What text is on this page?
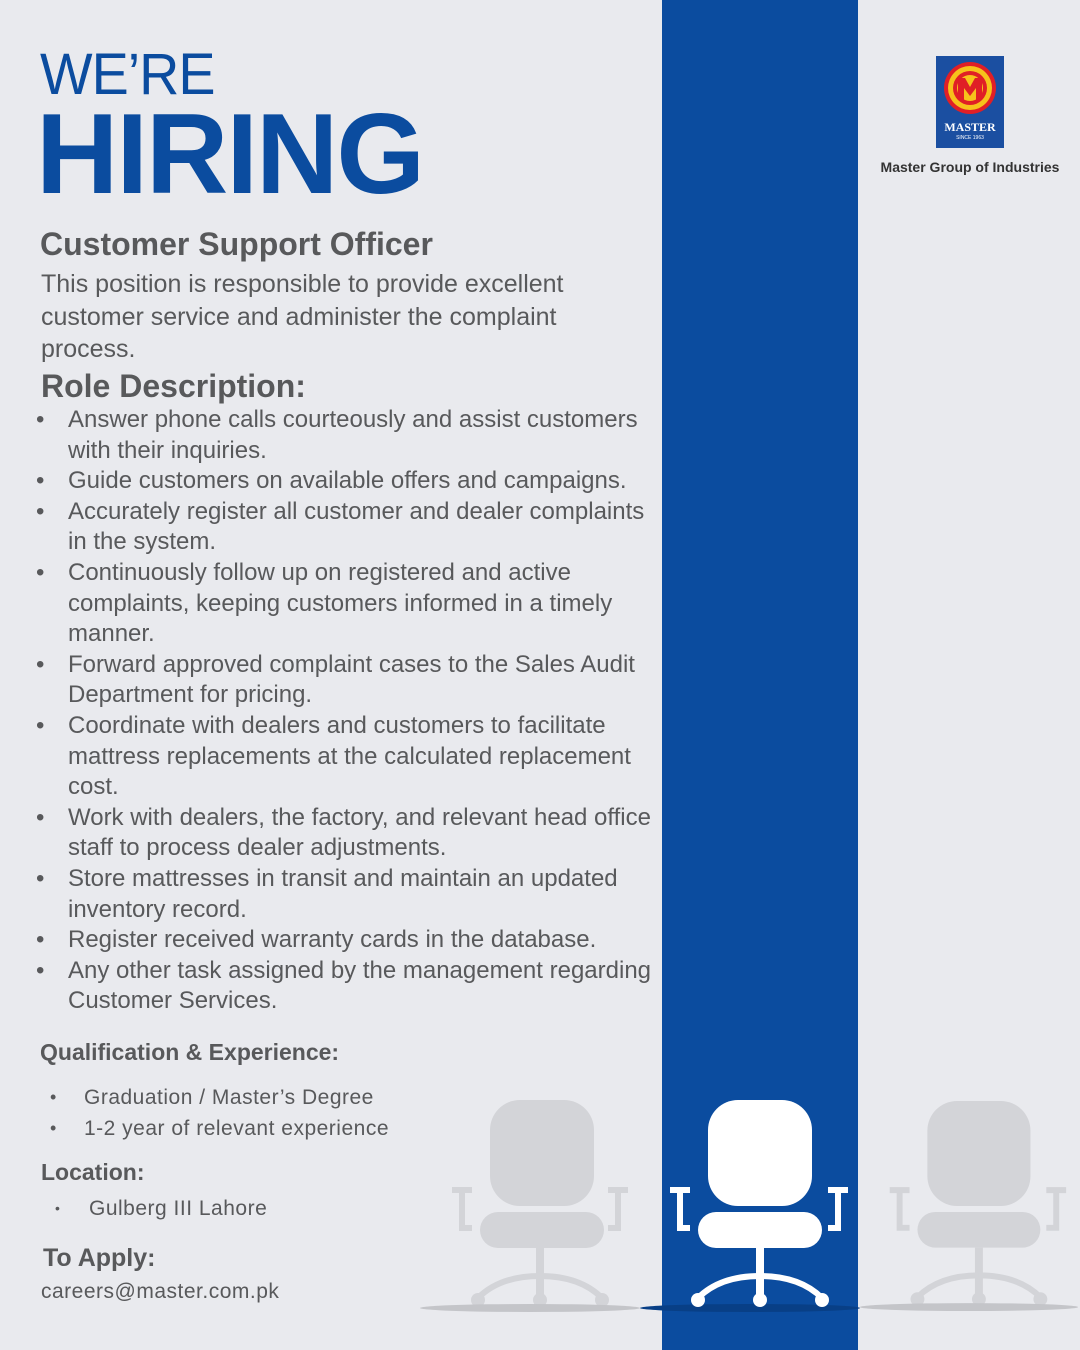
WE’RE
HIRING	MASTER
SINCE 1963
Master Group of Industries
Customer Support Officer
This position is responsible to provide excellent customer service and administer the complaint process.
Role Description:
• Answer phone calls courteously and assist customers with their inquiries.
• Guide customers on available offers and campaigns.
• Accurately register all customer and dealer complaints in the system.
• Continuously follow up on registered and active complaints, keeping customers informed in a timely manner.
• Forward approved complaint cases to the Sales Audit Department for pricing.
• Coordinate with dealers and customers to facilitate mattress replacements at the calculated replacement cost.
• Work with dealers, the factory, and relevant head office staff to process dealer adjustments.
• Store mattresses in transit and maintain an updated inventory record.
• Register received warranty cards in the database.
• Any other task assigned by the management regarding Customer Services.
Qualification & Experience:
• Graduation / Master’s Degree
• 1-2 year of relevant experience
Location:
• Gulberg III Lahore
To Apply:
careers@master.com.pk
